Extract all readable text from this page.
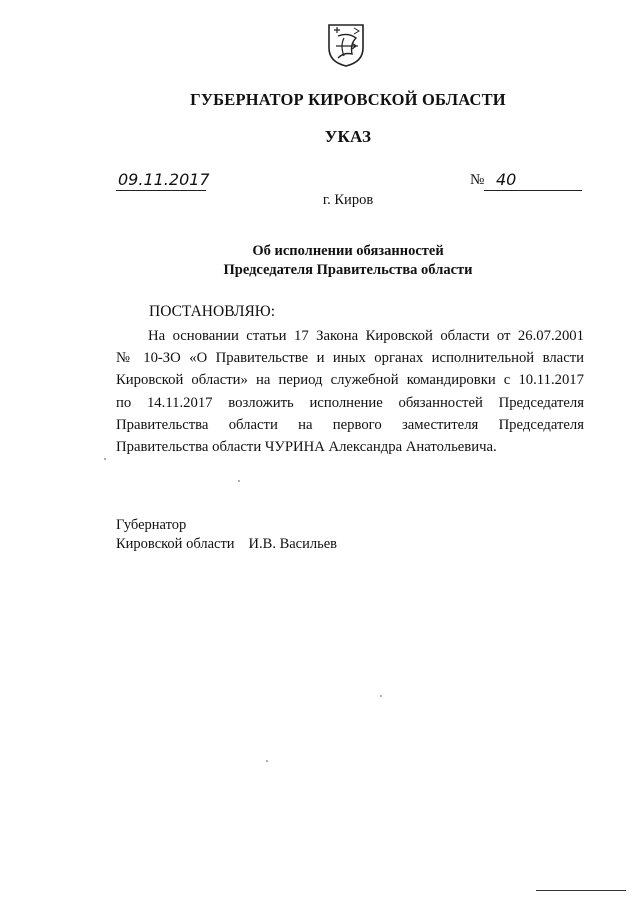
ГУБЕРНАТОР КИРОВСКОЙ ОБЛАСТИ
УКАЗ
09.11.2017	№ 40
г. Киров
Об исполнении обязанностей
Председателя Правительства области
ПОСТАНОВЛЯЮ:
На основании статьи 17 Закона Кировской области от 26.07.2001
№ 10-ЗО «О Правительстве и иных органах исполнительной власти
Кировской области» на период служебной командировки с 10.11.2017
по 14.11.2017 возложить исполнение обязанностей Председателя
Правительства области на первого заместителя Председателя
Правительства области ЧУРИНА Александра Анатольевича.
Губернатор
Кировской области И.В. Васильев
